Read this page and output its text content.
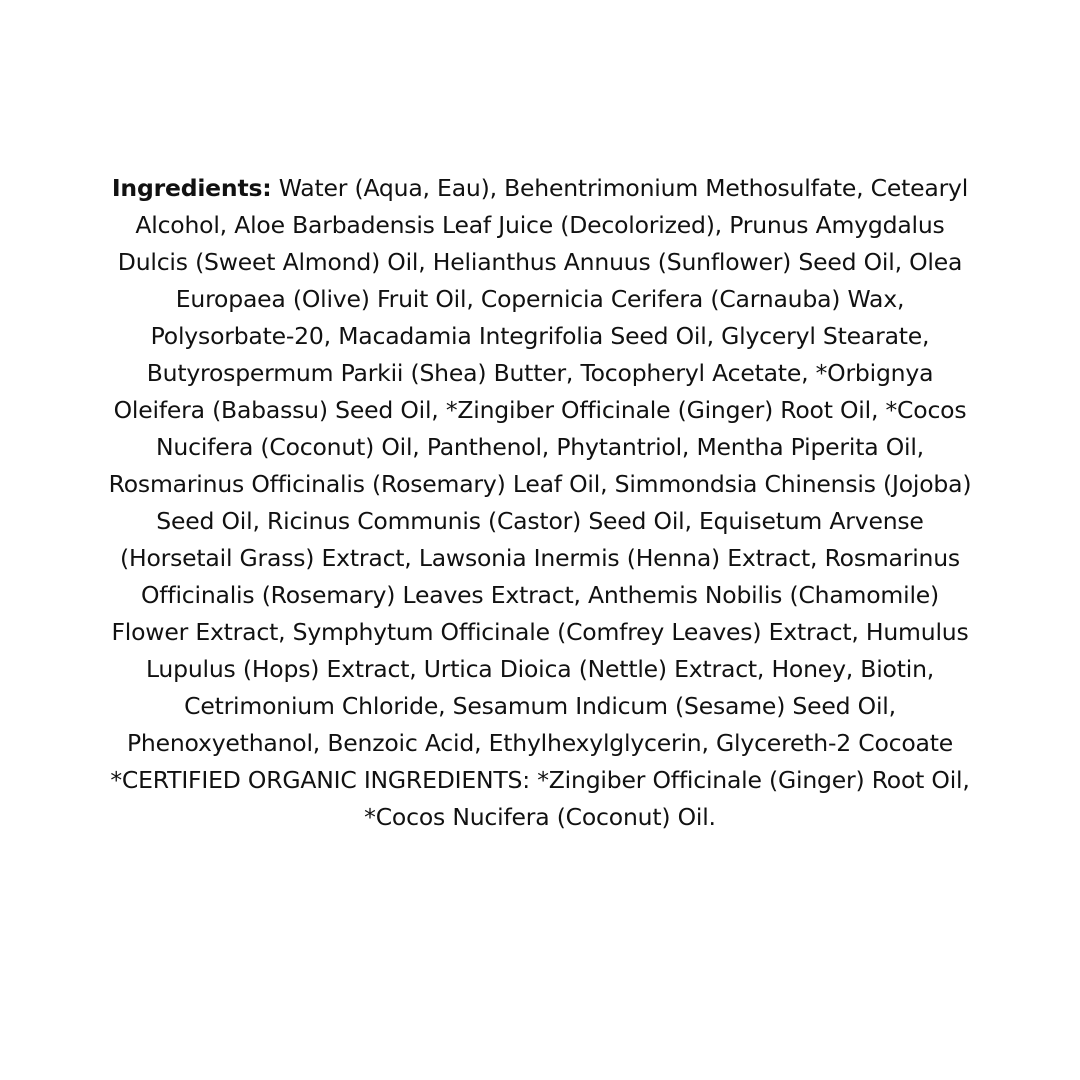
Ingredients: Water (Aqua, Eau), Behentrimonium Methosulfate, Cetearyl Alcohol, Aloe Barbadensis Leaf Juice (Decolorized), Prunus Amygdalus Dulcis (Sweet Almond) Oil, Helianthus Annuus (Sunflower) Seed Oil, Olea Europaea (Olive) Fruit Oil, Copernicia Cerifera (Carnauba) Wax, Polysorbate-20, Macadamia Integrifolia Seed Oil, Glyceryl Stearate, Butyrospermum Parkii (Shea) Butter, Tocopheryl Acetate, *Orbignya Oleifera (Babassu) Seed Oil, *Zingiber Officinale (Ginger) Root Oil, *Cocos Nucifera (Coconut) Oil, Panthenol, Phytantriol, Mentha Piperita Oil, Rosmarinus Officinalis (Rosemary) Leaf Oil, Simmondsia Chinensis (Jojoba) Seed Oil, Ricinus Communis (Castor) Seed Oil, Equisetum Arvense (Horsetail Grass) Extract, Lawsonia Inermis (Henna) Extract, Rosmarinus Officinalis (Rosemary) Leaves Extract, Anthemis Nobilis (Chamomile) Flower Extract, Symphytum Officinale (Comfrey Leaves) Extract, Humulus Lupulus (Hops) Extract, Urtica Dioica (Nettle) Extract, Honey, Biotin, Cetrimonium Chloride, Sesamum Indicum (Sesame) Seed Oil, Phenoxyethanol, Benzoic Acid, Ethylhexylglycerin, Glycereth-2 Cocoate
*CERTIFIED ORGANIC INGREDIENTS: *Zingiber Officinale (Ginger) Root Oil, *Cocos Nucifera (Coconut) Oil.
